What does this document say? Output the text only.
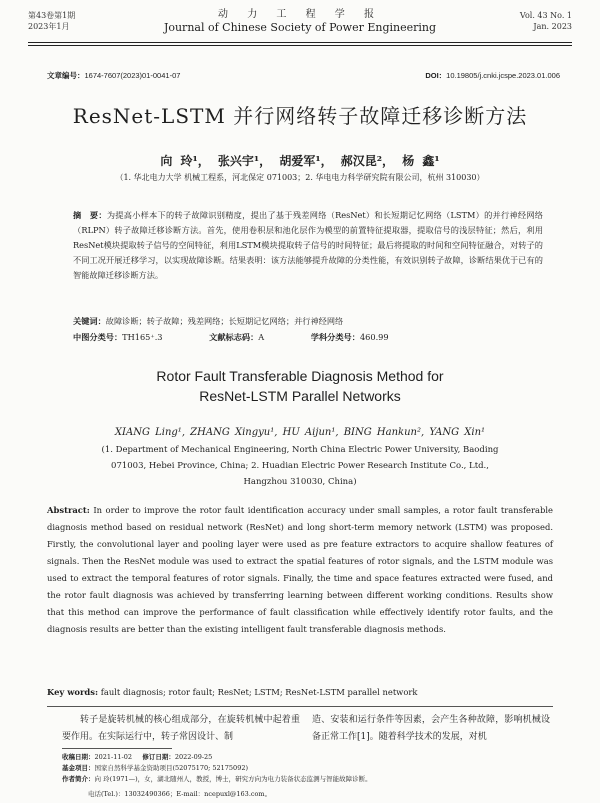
第43卷第1期
2023年1月
动 力 工 程 学 报
Journal of Chinese Society of Power Engineering
Vol. 43 No. 1
Jan. 2023
文章编号：1674-7607(2023)01-0041-07	DOI：10.19805/j.cnki.jcspe.2023.01.006
ResNet-LSTM 并行网络转子故障迁移诊断方法
向 玲¹， 张兴宇¹， 胡爱军¹， 郝汉昆²， 杨 鑫¹
（1. 华北电力大学 机械工程系，河北保定 071003；2. 华电电力科学研究院有限公司，杭州 310030）
摘　要：为提高小样本下的转子故障识别精度，提出了基于残差网络（ResNet）和长短期记忆网络（LSTM）的并行神经网络（RLPN）转子故障迁移诊断方法。首先，使用卷积层和池化层作为模型的前置特征提取器，提取信号的浅层特征；然后，利用ResNet模块提取转子信号的空间特征，利用LSTM模块提取转子信号的时间特征；最后将提取的时间和空间特征融合，对转子的不同工况开展迁移学习，以实现故障诊断。结果表明：该方法能够提升故障的分类性能，有效识别转子故障，诊断结果优于已有的智能故障迁移诊断方法。
关键词：故障诊断；转子故障；残差网络；长短期记忆网络；并行神经网络
中图分类号：TH165⁺.3	文献标志码：A	学科分类号：460.99
Rotor Fault Transferable Diagnosis Method for
ResNet-LSTM Parallel Networks
XIANG Ling¹, ZHANG Xingyu¹, HU Aijun¹, BING Hankun², YANG Xin¹
(1. Department of Mechanical Engineering, North China Electric Power University, Baoding 071003, Hebei Province, China; 2. Huadian Electric Power Research Institute Co., Ltd., Hangzhou 310030, China)
Abstract: In order to improve the rotor fault identification accuracy under small samples, a rotor fault transferable diagnosis method based on residual network (ResNet) and long short-term memory network (LSTM) was proposed. Firstly, the convolutional layer and pooling layer were used as pre feature extractors to acquire shallow features of signals. Then the ResNet module was used to extract the spatial features of rotor signals, and the LSTM module was used to extract the temporal features of rotor signals. Finally, the time and space features extracted were fused, and the rotor fault diagnosis was achieved by transferring learning between different working conditions. Results show that this method can improve the performance of fault classification while effectively identify rotor faults, and the diagnosis results are better than the existing intelligent fault transferable diagnosis methods.
Key words: fault diagnosis; rotor fault; ResNet; LSTM; ResNet-LSTM parallel network
转子是旋转机械的核心组成部分，在旋转机械中起着重要作用。在实际运行中，转子常因设计、制
造、安装和运行条件等因素，会产生各种故障，影响机械设备正常工作[1]。随着科学技术的发展，对机
收稿日期：2021-11-02 修订日期：2022-09-25
基金项目：国家自然科学基金资助项目(52075170; 52175092)
作者简介：向 玲(1971—)，女，湖北随州人，教授，博士，研究方向为电力装备状态监测与智能故障诊断。
电话(Tel.)：13032490366；E-mail：ncepuxl@163.com。
